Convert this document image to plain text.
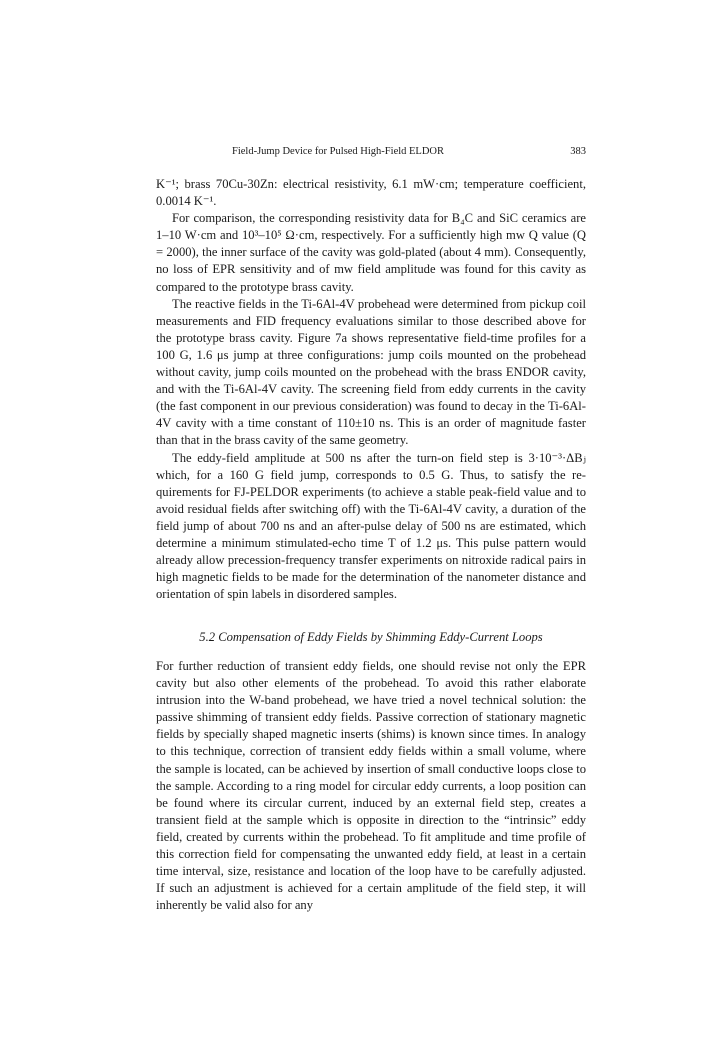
Field-Jump Device for Pulsed High-Field ELDOR	383

K⁻¹; brass 70Cu-30Zn: electrical resistivity, 6.1 mW·cm; temperature coefficient, 0.0014 K⁻¹.

For comparison, the corresponding resistivity data for B₄C and SiC ceramics are 1–10 W·cm and 10³–10⁵ Ω·cm, respectively. For a sufficiently high mw Q value (Q = 2000), the inner surface of the cavity was gold-plated (about 4 mm). Consequently, no loss of EPR sensitivity and of mw field amplitude was found for this cavity as compared to the prototype brass cavity.

The reactive fields in the Ti-6Al-4V probehead were determined from pickup coil measurements and FID frequency evaluations similar to those described above for the prototype brass cavity. Figure 7a shows representative field-time profiles for a 100 G, 1.6 μs jump at three configurations: jump coils mounted on the probehead without cavity, jump coils mounted on the probehead with the brass ENDOR cavity, and with the Ti-6Al-4V cavity. The screening field from eddy currents in the cavity (the fast component in our previous consideration) was found to decay in the Ti-6Al-4V cavity with a time constant of 110±10 ns. This is an order of magnitude faster than that in the brass cavity of the same geometry.

The eddy-field amplitude at 500 ns after the turn-on field step is 3·10⁻³·ΔBⱼ which, for a 160 G field jump, corresponds to 0.5 G. Thus, to satisfy the requirements for FJ-PELDOR experiments (to achieve a stable peak-field value and to avoid residual fields after switching off) with the Ti-6Al-4V cavity, a duration of the field jump of about 700 ns and an after-pulse delay of 500 ns are estimated, which determine a minimum stimulated-echo time T of 1.2 μs. This pulse pattern would already allow precession-frequency transfer experiments on nitroxide radical pairs in high magnetic fields to be made for the determination of the nanometer distance and orientation of spin labels in disordered samples.

5.2 Compensation of Eddy Fields by Shimming Eddy-Current Loops

For further reduction of transient eddy fields, one should revise not only the EPR cavity but also other elements of the probehead. To avoid this rather elaborate intrusion into the W-band probehead, we have tried a novel technical solution: the passive shimming of transient eddy fields. Passive correction of stationary magnetic fields by specially shaped magnetic inserts (shims) is known since times. In analogy to this technique, correction of transient eddy fields within a small volume, where the sample is located, can be achieved by insertion of small conductive loops close to the sample. According to a ring model for circular eddy currents, a loop position can be found where its circular current, induced by an external field step, creates a transient field at the sample which is opposite in direction to the “intrinsic” eddy field, created by currents within the probehead. To fit amplitude and time profile of this correction field for compensating the unwanted eddy field, at least in a certain time interval, size, resistance and location of the loop have to be carefully adjusted. If such an adjustment is achieved for a certain amplitude of the field step, it will inherently be valid also for any
